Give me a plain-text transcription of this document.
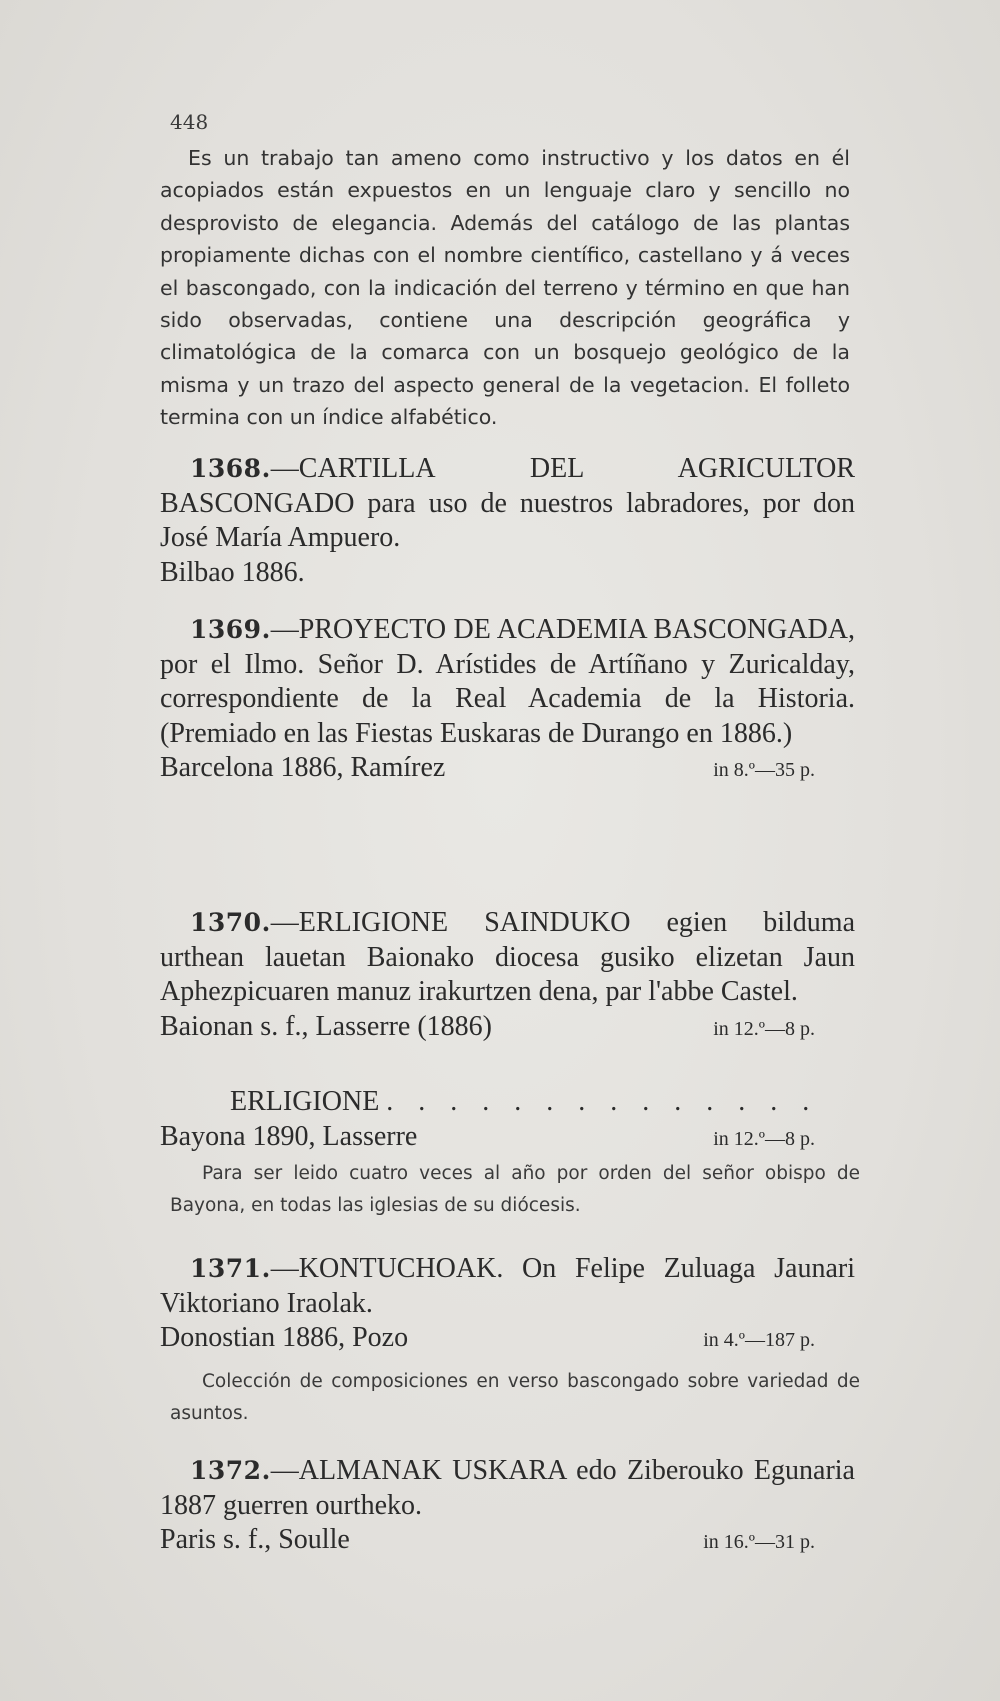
448
Es un trabajo tan ameno como instructivo y los datos en él acopiados están expuestos en un lenguaje claro y sencillo no desprovisto de elegancia. Además del catálogo de las plantas propiamente dichas con el nombre científico, castellano y á veces el bascongado, con la indicación del terreno y término en que han sido observadas, contiene una descripción geográfica y climatológica de la comarca con un bosquejo geológico de la misma y un trazo del aspecto general de la vegetacion. El folleto termina con un índice alfabético.
1368.—CARTILLA DEL AGRICULTOR BASCONGADO para uso de nuestros labradores, por don José María Ampuero.
Bilbao 1886.
1369.—PROYECTO DE ACADEMIA BASCONGADA, por el Ilmo. Señor D. Arístides de Artíñano y Zuricalday, correspondiente de la Real Academia de la Historia. (Premiado en las Fiestas Euskaras de Durango en 1886.)
Barcelona 1886, Ramírez	in 8.º—35 p.
1370.—ERLIGIONE SAINDUKO egien bilduma urthean lauetan Baionako diocesa gusiko elizetan Jaun Aphezpicuaren manuz irakurtzen dena, par l'abbe Castel.
Baionan s. f., Lasserre (1886)	in 12.º—8 p.
ERLIGIONE . . . . . . . . . . . . . .
Bayona 1890, Lasserre	in 12.º—8 p.
Para ser leido cuatro veces al año por orden del señor obispo de Bayona, en todas las iglesias de su diócesis.
1371.—KONTUCHOAK. On Felipe Zuluaga Jaunari Viktoriano Iraolak.
Donostian 1886, Pozo	in 4.º—187 p.
Colección de composiciones en verso bascongado sobre variedad de asuntos.
1372.—ALMANAK USKARA edo Ziberouko Egunaria 1887 guerren ourtheko.
Paris s. f., Soulle	in 16.º—31 p.
